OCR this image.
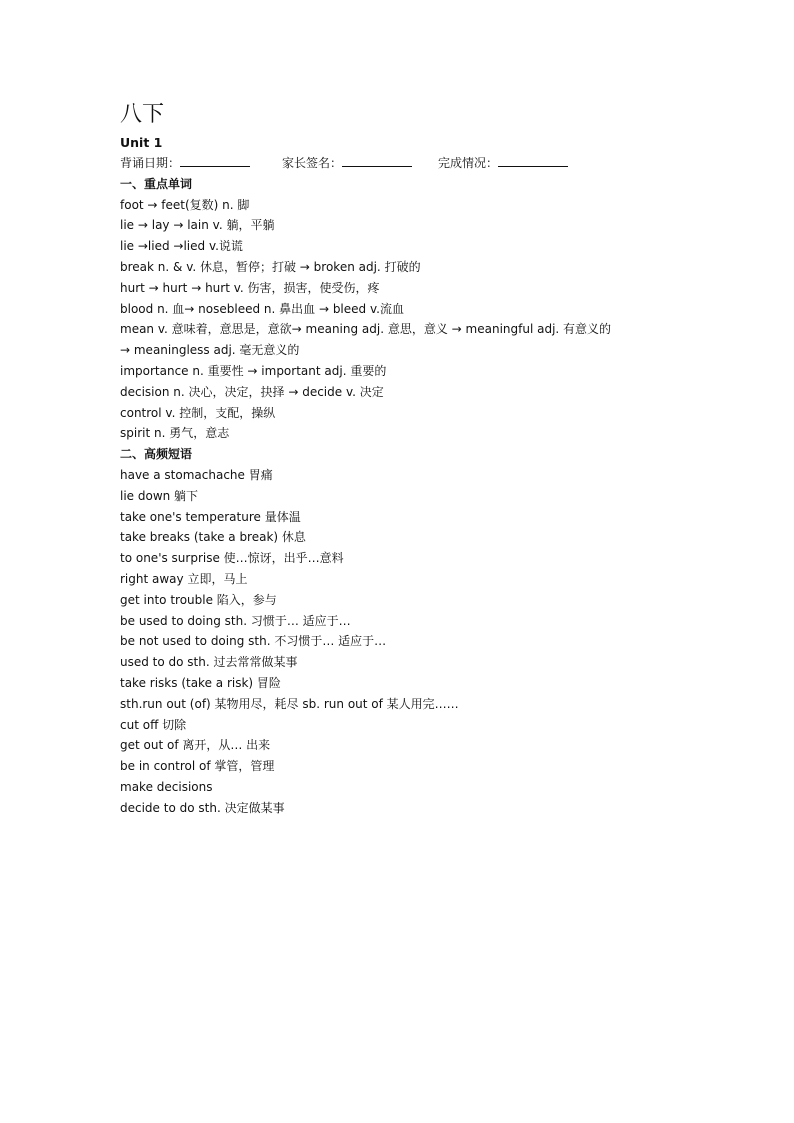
八下
Unit 1
背诵日期：	家长签名：	完成情况：
一、重点单词
foot → feet(复数) n. 脚
lie → lay → lain v. 躺，平躺
lie →lied →lied v.说谎
break n. & v. 休息，暂停；打破 → broken adj. 打破的
hurt → hurt → hurt v. 伤害，损害，使受伤，疼
blood n. 血→ nosebleed n. 鼻出血 → bleed v.流血
mean v. 意味着，意思是，意欲→ meaning adj. 意思，意义 → meaningful adj. 有意义的
→ meaningless adj. 毫无意义的
importance n. 重要性 → important adj. 重要的
decision n. 决心，决定，抉择 → decide v. 决定
control v. 控制，支配，操纵
spirit n. 勇气，意志
二、高频短语
have a stomachache 胃痛
lie down 躺下
take one's temperature 量体温
take breaks (take a break) 休息
to one's surprise 使…惊讶，出乎…意料
right away 立即，马上
get into trouble 陷入，参与
be used to doing sth. 习惯于… 适应于…
be not used to doing sth. 不习惯于… 适应于…
used to do sth. 过去常常做某事
take risks (take a risk) 冒险
sth.run out (of) 某物用尽，耗尽 sb. run out of 某人用完……
cut off 切除
get out of 离开，从… 出来
be in control of 掌管，管理
make decisions
decide to do sth. 决定做某事
